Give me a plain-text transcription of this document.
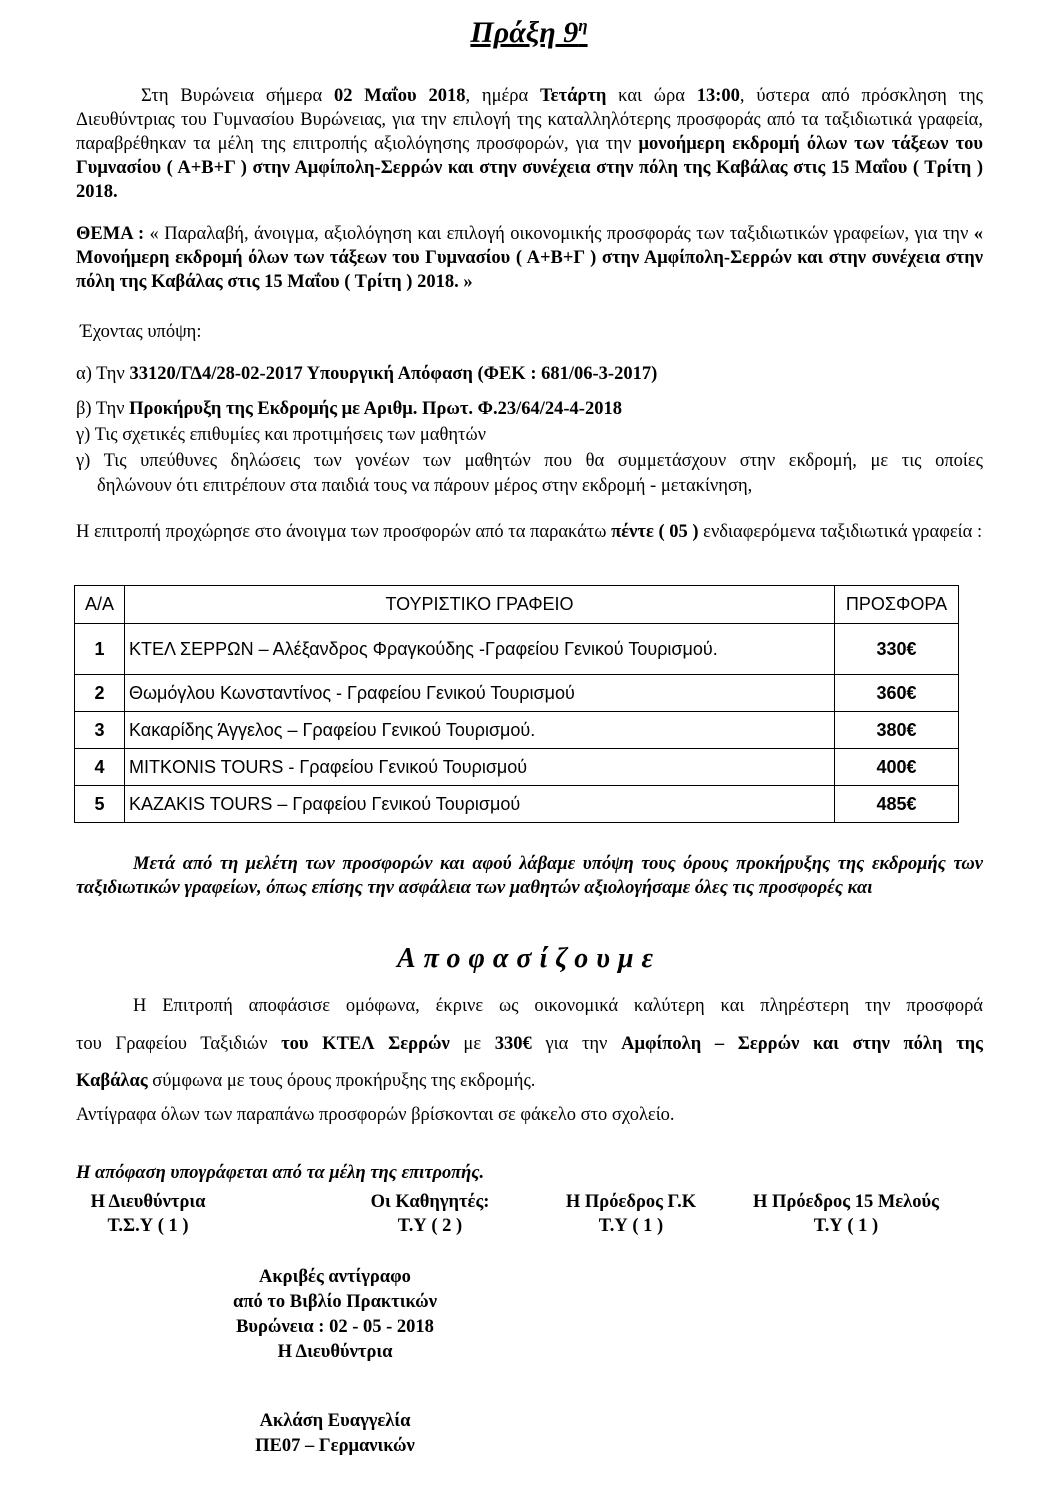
Πράξη $9^\eta$
Στη Βυρώνεια σήμερα 02 Μαΐου 2018, ημέρα Τετάρτη και ώρα 13:00, ύστερα από πρόσκληση της Διευθύντριας του Γυμνασίου Βυρώνειας, για την επιλογή της καταλληλότερης προσφοράς από τα ταξιδιωτικά γραφεία, παραβρέθηκαν τα μέλη της επιτροπής αξιολόγησης προσφορών, για την μονοήμερη εκδρομή όλων των τάξεων του Γυμνασίου ( Α+Β+Γ ) στην Αμφίπολη-Σερρών και στην συνέχεια στην πόλη της Καβάλας στις 15 Μαΐου ( Τρίτη ) 2018.
ΘΕΜΑ : « Παραλαβή, άνοιγμα, αξιολόγηση και επιλογή οικονομικής προσφοράς των ταξιδιωτικών γραφείων, για την « Μονοήμερη εκδρομή όλων των τάξεων του Γυμνασίου ( Α+Β+Γ ) στην Αμφίπολη-Σερρών και στην συνέχεια στην πόλη της Καβάλας στις 15 Μαΐου ( Τρίτη ) 2018. »
Έχοντας υπόψη:
α) Την 33120/ΓΔ4/28-02-2017 Υπουργική Απόφαση (ΦΕΚ : 681/06-3-2017)
β) Την Προκήρυξη της Εκδρομής με Αριθμ. Πρωτ. Φ.23/64/24-4-2018
γ) Τις σχετικές επιθυμίες και προτιμήσεις των μαθητών
γ) Τις υπεύθυνες δηλώσεις των γονέων των μαθητών που θα συμμετάσχουν στην εκδρομή, με τις οποίες
δηλώνουν ότι επιτρέπουν στα παιδιά τους να πάρουν μέρος στην εκδρομή - μετακίνηση,
Η επιτροπή προχώρησε στο άνοιγμα των προσφορών από τα παρακάτω πέντε ( 05 ) ενδιαφερόμενα ταξιδιωτικά γραφεία :
Α/Α	ΤΟΥΡΙΣΤΙΚΟ ΓΡΑΦΕΙΟ	ΠΡΟΣΦΟΡΑ
1	ΚΤΕΛ ΣΕΡΡΩΝ – Αλέξανδρος Φραγκούδης -Γραφείου Γενικού Τουρισμού.	330€
2	Θωμόγλου Κωνσταντίνος - Γραφείου Γενικού Τουρισμού	360€
3	Κακαρίδης Άγγελος – Γραφείου Γενικού Τουρισμού.	380€
4	MITKONIS TOURS - Γραφείου Γενικού Τουρισμού	400€
5	KAZAKIS TOURS – Γραφείου Γενικού Τουρισμού	485€
Μετά από τη μελέτη των προσφορών και αφού λάβαμε υπόψη τους όρους προκήρυξης της εκδρομής των ταξιδιωτικών γραφείων, όπως επίσης την ασφάλεια των μαθητών αξιολογήσαμε όλες τις προσφορές και
Αποφασίζουμε
Η Επιτροπή αποφάσισε ομόφωνα, έκρινε ως οικονομικά καλύτερη και πληρέστερη την προσφορά
του Γραφείου Ταξιδιών του ΚΤΕΛ Σερρών με 330€ για την Αμφίπολη – Σερρών και στην πόλη της
Καβάλας σύμφωνα με τους όρους προκήρυξης της εκδρομής.
Αντίγραφα όλων των παραπάνω προσφορών βρίσκονται σε φάκελο στο σχολείο.
Η απόφαση υπογράφεται από τα μέλη της επιτροπής.
Η Διευθύντρια
Τ.Σ.Υ ( 1 )
Οι Καθηγητές:
Τ.Υ ( 2 )
Η Πρόεδρος Γ.Κ
Τ.Υ ( 1 )
Η Πρόεδρος 15 Μελούς
Τ.Υ ( 1 )
Ακριβές αντίγραφο
από το Βιβλίο Πρακτικών
Βυρώνεια : 02 - 05 - 2018
Η Διευθύντρια
Ακλάση Ευαγγελία
ΠΕ07 – Γερμανικών
